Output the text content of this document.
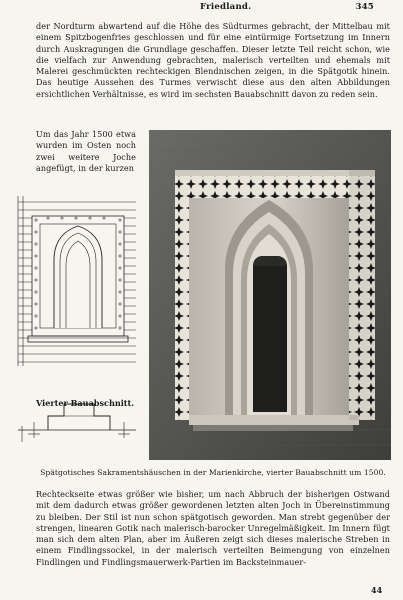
Friedland.	345
der Nordturm abwartend auf die Höhe des Südturmes gebracht, der Mittelbau mit einem Spitzbogenfries geschlossen und für eine eintürmige Fortsetzung im Innern durch Auskragungen die Grundlage geschaffen. Dieser letzte Teil reicht schon, wie die vielfach zur Anwendung gebrachten, malerisch verteilten und ehemals mit Malerei geschmückten rechteckigen Blendnischen zeigen, in die Spätgotik hinein. Das heutige Aussehen des Turmes verwischt diese aus den alten Abbildungen ersichtlichen Verhältnisse, es wird im sechsten Bauabschnitt davon zu reden sein.
Um das Jahr 1500 etwa wurden im Osten noch zwei weitere Joche angefügt, in der kurzen
Vierter Bauabschnitt.
Spätgotisches Sakramentshäuschen in der Marienkirche, vierter Bauabschnitt um 1500.
Rechteckseite etwas größer wie bisher, um nach Abbruch der bisherigen Ostwand mit dem dadurch etwas größer gewordenen letzten alten Joch in Übereinstimmung zu bleiben. Der Stil ist nun schon spätgotisch geworden. Man strebt gegenüber der strengen, linearen Gotik nach malerisch-barocker Unregelmäßigkeit. Im Innern fügt man sich dem alten Plan, aber im Äußeren zeigt sich dieses malerische Streben in einem Findlingssockel, in der malerisch verteilten Beimengung von einzelnen Findlingen und Findlingsmauerwerk-Partien im Backsteinmauer-
44
